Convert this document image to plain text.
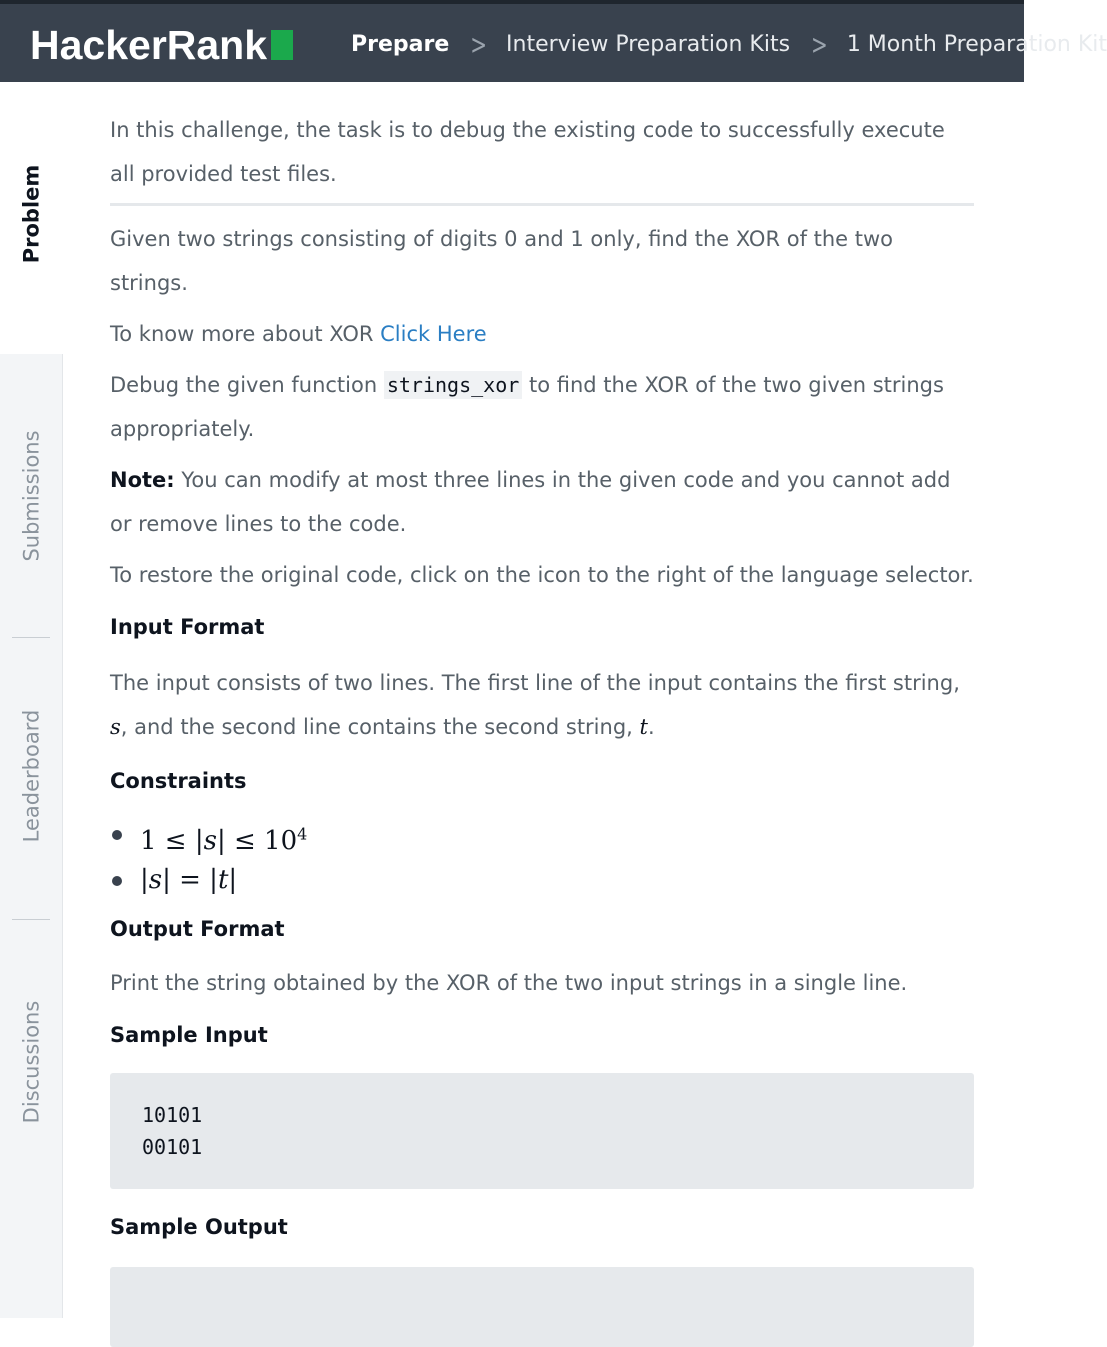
HackerRank	Prepare > Interview Preparation Kits > 1 Month Preparation Kit
Problem
Submissions
Leaderboard
Discussions

In this challenge, the task is to debug the existing code to successfully execute all provided test files.

Given two strings consisting of digits 0 and 1 only, find the XOR of the two strings.

To know more about XOR Click Here

Debug the given function strings_xor to find the XOR of the two given strings appropriately.

Note: You can modify at most three lines in the given code and you cannot add or remove lines to the code.

To restore the original code, click on the icon to the right of the language selector.

Input Format

The input consists of two lines. The first line of the input contains the first string, s, and the second line contains the second string, t.

Constraints
$1 \le |s| \le 10^4$
|s| = |t|
Output Format

Print the string obtained by the XOR of the two input strings in a single line.

Sample Input
10101
00101
Sample Output
